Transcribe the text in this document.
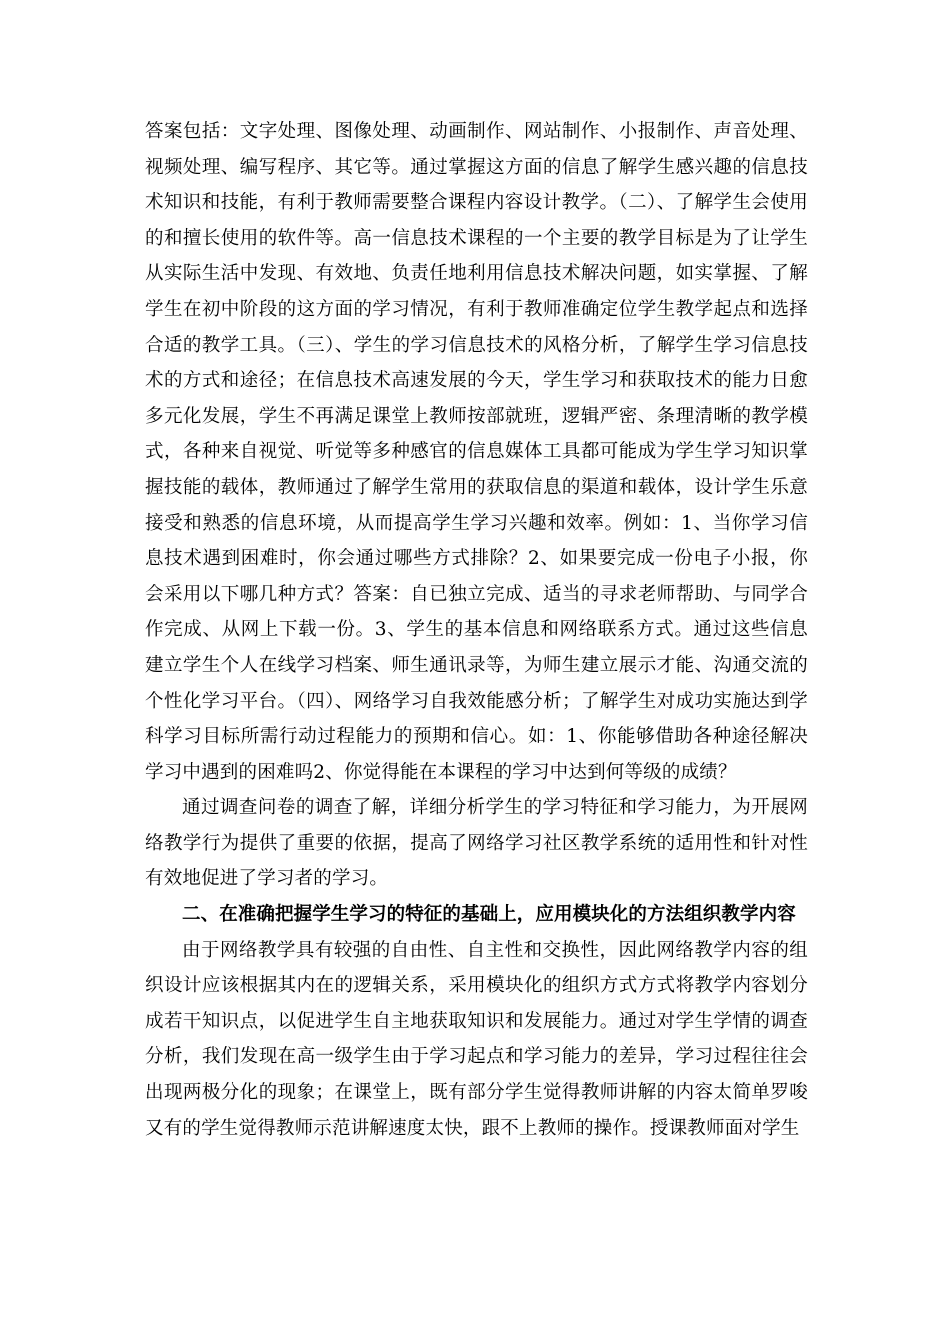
答案包括：文字处理、图像处理、动画制作、网站制作、小报制作、声音处理、视频处理、编写程序、其它等。通过掌握这方面的信息了解学生感兴趣的信息技术知识和技能，有利于教师需要整合课程内容设计教学。（二）、了解学生会使用的和擅长使用的软件等。高一信息技术课程的一个主要的教学目标是为了让学生从实际生活中发现、有效地、负责任地利用信息技术解决问题，如实掌握、了解学生在初中阶段的这方面的学习情况，有利于教师准确定位学生教学起点和选择合适的教学工具。（三）、学生的学习信息技术的风格分析，了解学生学习信息技术的方式和途径；在信息技术高速发展的今天，学生学习和获取技术的能力日愈多元化发展，学生不再满足课堂上教师按部就班，逻辑严密、条理清晰的教学模式，各种来自视觉、听觉等多种感官的信息媒体工具都可能成为学生学习知识掌握技能的载体，教师通过了解学生常用的获取信息的渠道和载体，设计学生乐意接受和熟悉的信息环境，从而提高学生学习兴趣和效率。例如：1、当你学习信息技术遇到困难时，你会通过哪些方式排除？2、如果要完成一份电子小报，你会采用以下哪几种方式？答案：自已独立完成、适当的寻求老师帮助、与同学合作完成、从网上下载一份。3、学生的基本信息和网络联系方式。通过这些信息建立学生个人在线学习档案、师生通讯录等，为师生建立展示才能、沟通交流的个性化学习平台。（四）、网络学习自我效能感分析；了解学生对成功实施达到学科学习目标所需行动过程能力的预期和信心。如：1、你能够借助各种途径解决学习中遇到的困难吗2、你觉得能在本课程的学习中达到何等级的成绩？

通过调查问卷的调查了解，详细分析学生的学习特征和学习能力，为开展网络教学行为提供了重要的依据，提高了网络学习社区教学系统的适用性和针对性有效地促进了学习者的学习。

二、在准确把握学生学习的特征的基础上，应用模块化的方法组织教学内容

由于网络教学具有较强的自由性、自主性和交换性，因此网络教学内容的组织设计应该根据其内在的逻辑关系，采用模块化的组织方式方式将教学内容划分成若干知识点，以促进学生自主地获取知识和发展能力。通过对学生学情的调查分析，我们发现在高一级学生由于学习起点和学习能力的差异，学习过程往往会出现两极分化的现象；在课堂上，既有部分学生觉得教师讲解的内容太简单罗唆又有的学生觉得教师示范讲解速度太快，跟不上教师的操作。授课教师面对学生
